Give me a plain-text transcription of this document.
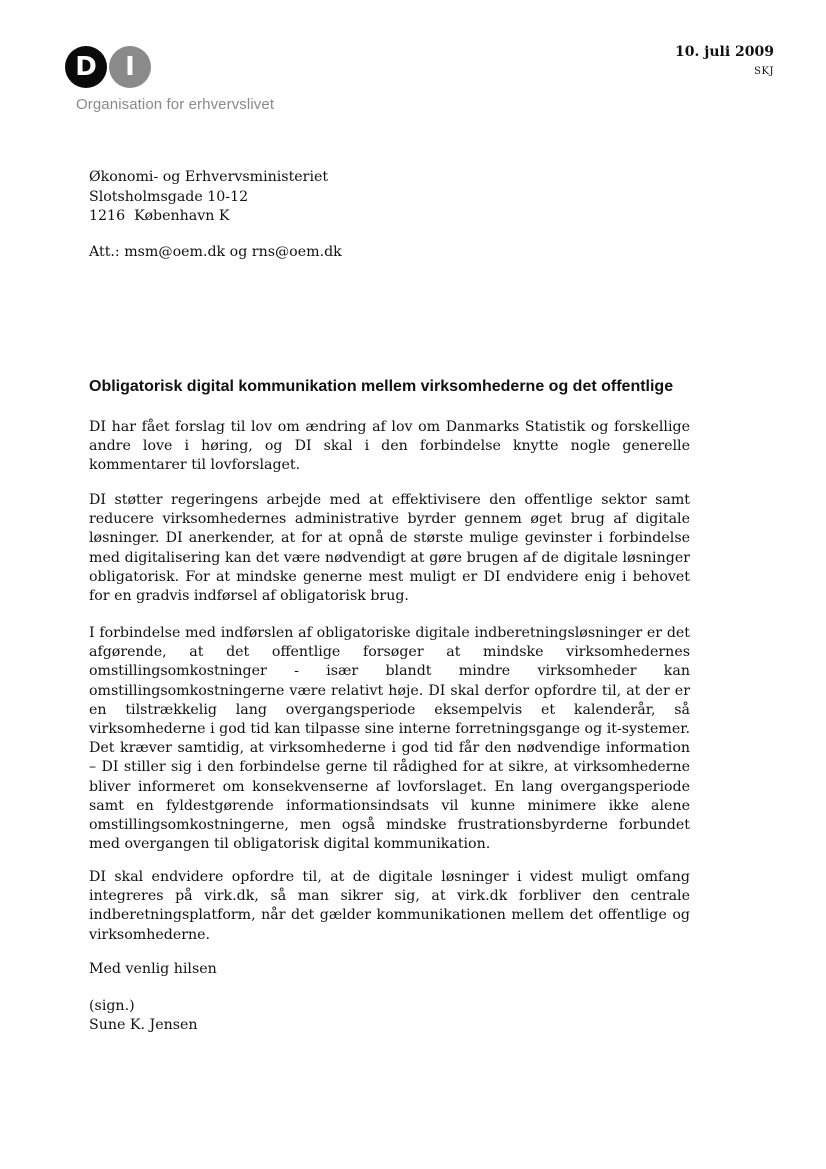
D	I
Organisation for erhvervslivet
10. juli 2009
SKJ
Økonomi- og Erhvervsministeriet
Slotsholmsgade 10-12
1216  København K
Att.: msm@oem.dk og rns@oem.dk
Obligatorisk digital kommunikation mellem virksomhederne og det offentlige

DI har fået forslag til lov om ændring af lov om Danmarks Statistik og forskellige andre love i høring, og DI skal i den forbindelse knytte nogle generelle kommentarer til lovforslaget.

DI støtter regeringens arbejde med at effektivisere den offentlige sektor samt reducere virksomhedernes administrative byrder gennem øget brug af digitale løsninger. DI anerkender, at for at opnå de største mulige gevinster i forbindelse med digitalisering kan det være nødvendigt at gøre brugen af de digitale løsninger obligatorisk. For at mindske generne mest muligt er DI endvidere enig i behovet for en gradvis indførsel af obligatorisk brug.

I forbindelse med indførslen af obligatoriske digitale indberetningsløsninger er det afgørende, at det offentlige forsøger at mindske virksomhedernes omstillingsomkostninger - især blandt mindre virksomheder kan omstillingsomkostningerne være relativt høje. DI skal derfor opfordre til, at der er en tilstrækkelig lang overgangsperiode eksempelvis et kalenderår, så virksomhederne i god tid kan tilpasse sine interne forretningsgange og it-systemer. Det kræver samtidig, at virksomhederne i god tid får den nødvendige information – DI stiller sig i den forbindelse gerne til rådighed for at sikre, at virksomhederne bliver informeret om konsekvenserne af lovforslaget. En lang overgangsperiode samt en fyldestgørende informationsindsats vil kunne minimere ikke alene omstillingsomkostningerne, men også mindske frustrationsbyrderne forbundet med overgangen til obligatorisk digital kommunikation.

DI skal endvidere opfordre til, at de digitale løsninger i videst muligt omfang integreres på virk.dk, så man sikrer sig, at virk.dk forbliver den centrale indberetningsplatform, når det gælder kommunikationen mellem det offentlige og virksomhederne.

Med venlig hilsen
(sign.)
Sune K. Jensen
